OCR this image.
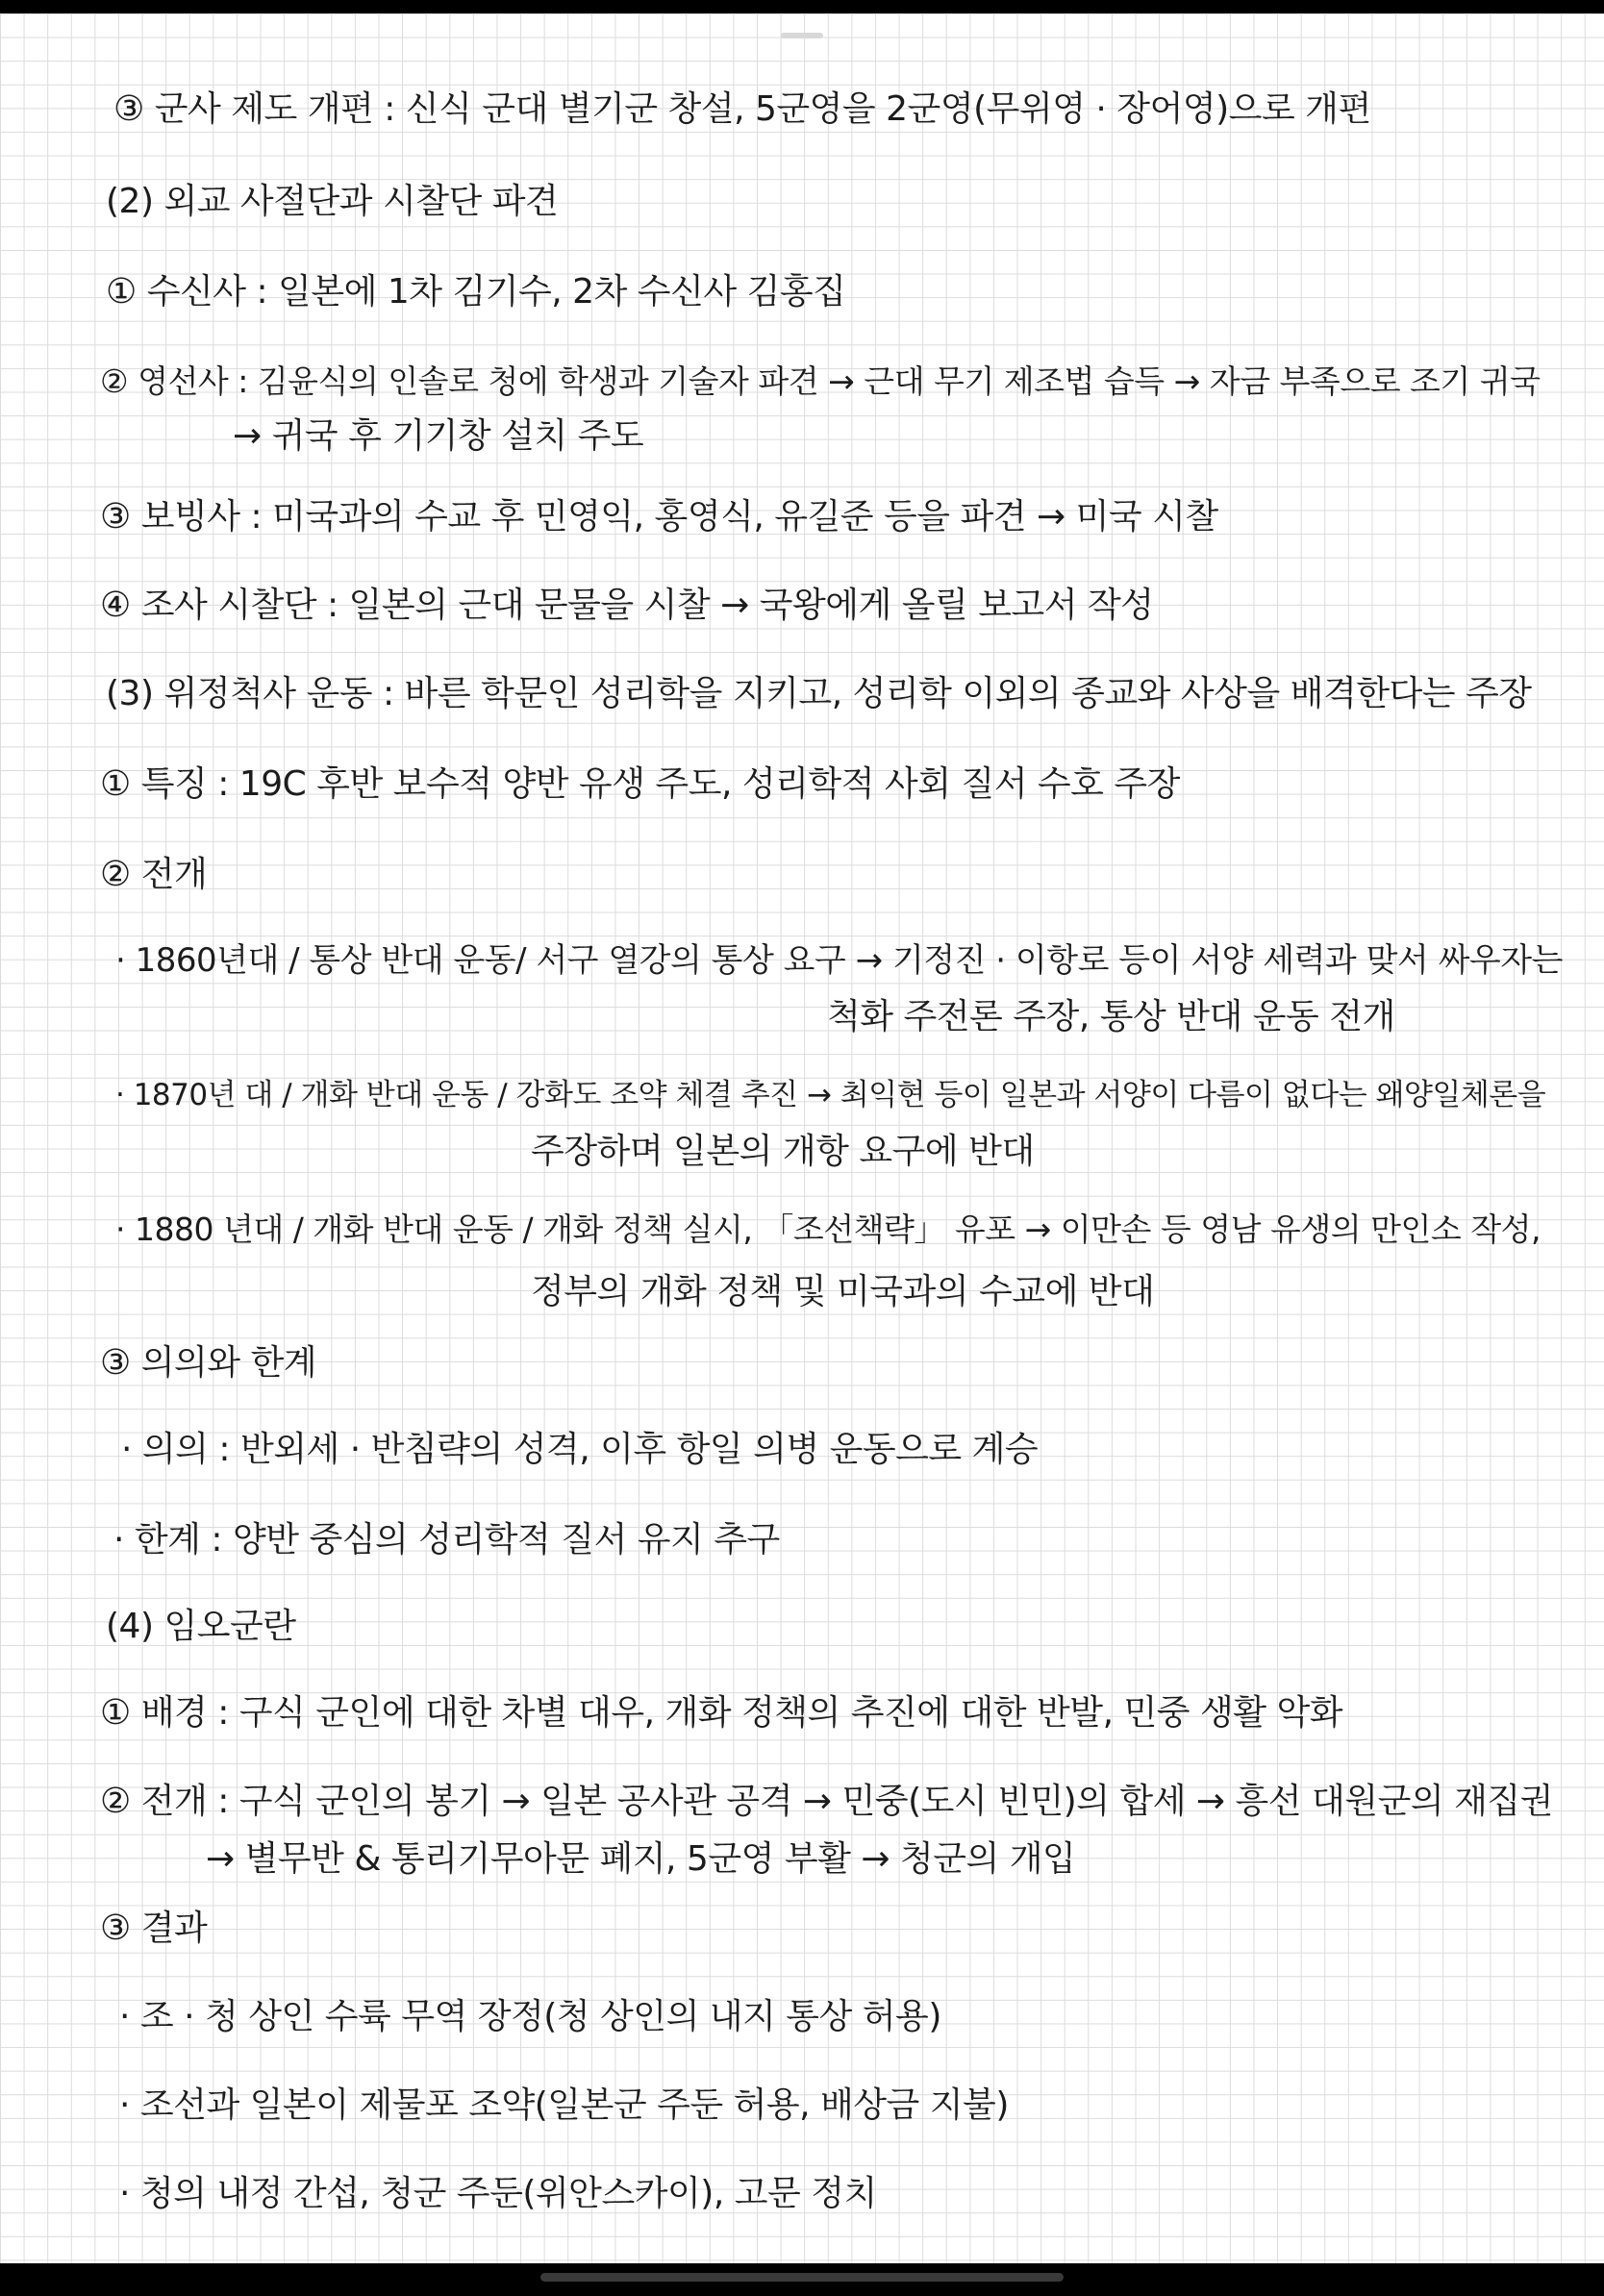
③ 군사 제도 개편 : 신식 군대 별기군 창설, 5군영을 2군영(무위영 · 장어영)으로 개편
(2) 외교 사절단과 시찰단 파견
① 수신사 : 일본에 1차 김기수, 2차 수신사 김홍집
② 영선사 : 김윤식의 인솔로 청에 학생과 기술자 파견 → 근대 무기 제조법 습득 → 자금 부족으로 조기 귀국
→ 귀국 후 기기창 설치 주도
③ 보빙사 : 미국과의 수교 후 민영익, 홍영식, 유길준 등을 파견 → 미국 시찰
④ 조사 시찰단 : 일본의 근대 문물을 시찰 → 국왕에게 올릴 보고서 작성
(3) 위정척사 운동 : 바른 학문인 성리학을 지키고, 성리학 이외의 종교와 사상을 배격한다는 주장
① 특징 : 19C 후반 보수적 양반 유생 주도, 성리학적 사회 질서 수호 주장
② 전개
· 1860년대 / 통상 반대 운동/ 서구 열강의 통상 요구 → 기정진 · 이항로 등이 서양 세력과 맞서 싸우자는
척화 주전론 주장, 통상 반대 운동 전개
· 1870년 대 / 개화 반대 운동 / 강화도 조약 체결 추진 → 최익현 등이 일본과 서양이 다름이 없다는 왜양일체론을
주장하며 일본의 개항 요구에 반대
· 1880 년대 / 개화 반대 운동 / 개화 정책 실시, 「조선책략」 유포 → 이만손 등 영남 유생의 만인소 작성,
정부의 개화 정책 및 미국과의 수교에 반대
③ 의의와 한계
· 의의 : 반외세 · 반침략의 성격, 이후 항일 의병 운동으로 계승
· 한계 : 양반 중심의 성리학적 질서 유지 추구
(4) 임오군란
① 배경 : 구식 군인에 대한 차별 대우, 개화 정책의 추진에 대한 반발, 민중 생활 악화
② 전개 : 구식 군인의 봉기 → 일본 공사관 공격 → 민중(도시 빈민)의 합세 → 흥선 대원군의 재집권
→ 별무반 & 통리기무아문 폐지, 5군영 부활 → 청군의 개입
③ 결과
· 조 · 청 상인 수륙 무역 장정(청 상인의 내지 통상 허용)
· 조선과 일본이 제물포 조약(일본군 주둔 허용, 배상금 지불)
· 청의 내정 간섭, 청군 주둔(위안스카이), 고문 정치
